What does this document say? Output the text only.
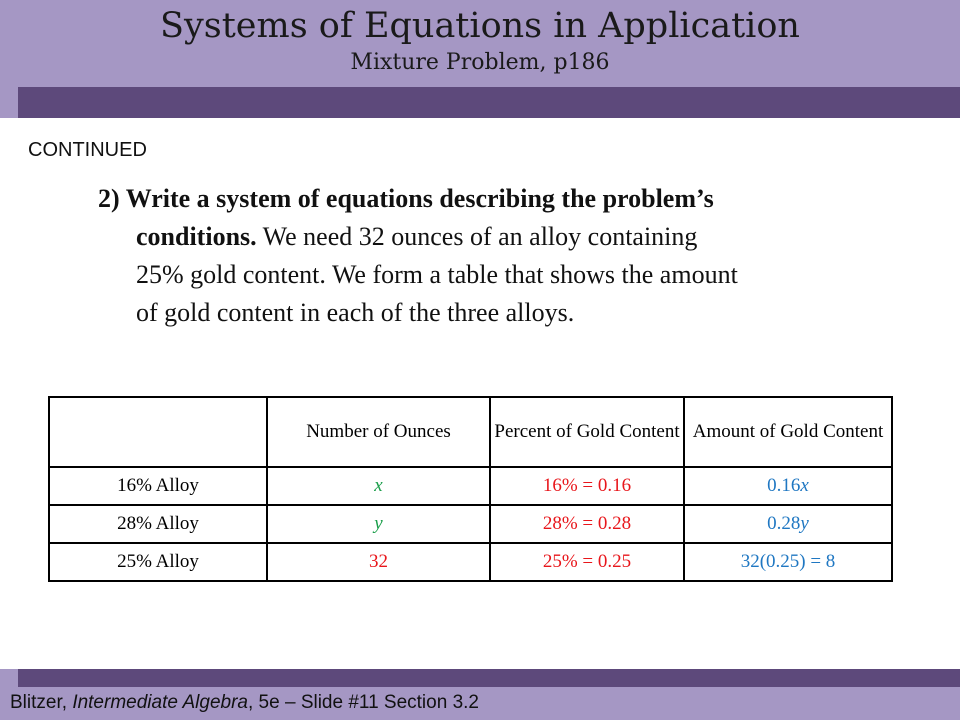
Systems of Equations in Application
Mixture Problem, p186
CONTINUED
2) Write a system of equations describing the problem’s
conditions. We need 32 ounces of an alloy containing
25% gold content. We form a table that shows the amount
of gold content in each of the three alloys.
	Number of Ounces	Percent of Gold Content	Amount of Gold Content
16% Alloy	x	16% = 0.16	0.16x
28% Alloy	y	28% = 0.28	0.28y
25% Alloy	32	25% = 0.25	32(0.25) = 8
Blitzer, Intermediate Algebra, 5e – Slide #11 Section 3.2
